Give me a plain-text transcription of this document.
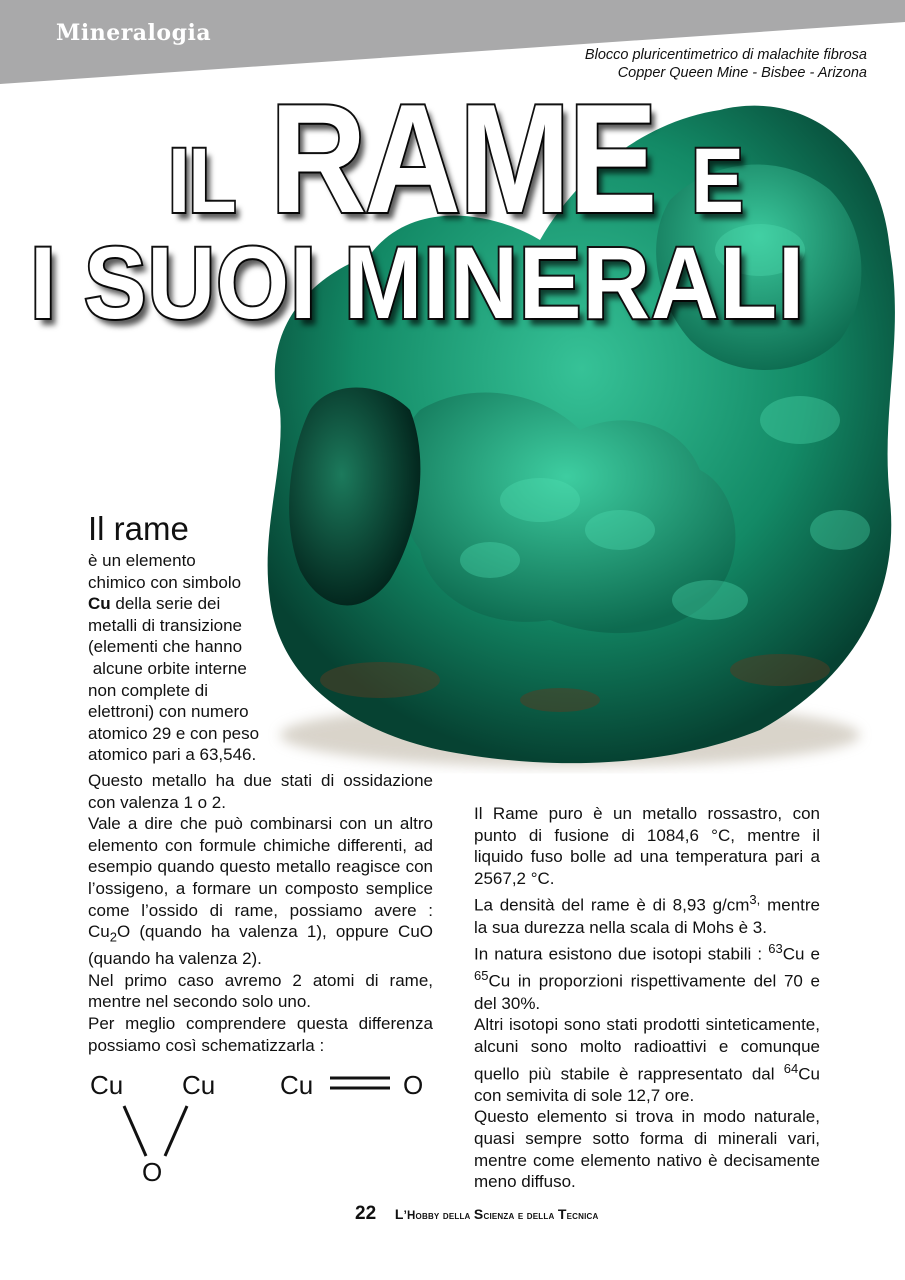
Mineralogia
Blocco pluricentimetrico di malachite fibrosa
Copper Queen Mine - Bisbee - Arizona
IL RAME E
I SUOI MINERALI
Il rame
è un elemento
chimico con simbolo
Cu della serie dei
metalli di transizione
(elementi che hanno
alcune orbite interne
non complete di
elettroni) con numero
atomico 29 e con peso
atomico pari a 63,546.

Questo metallo ha due stati di ossidazione con valenza 1 o 2.

Vale a dire che può combinarsi con un altro elemento con formule chimiche differenti, ad esempio quando questo metallo reagisce con l’ossigeno, a formare un composto semplice come l’ossido di rame, possiamo avere : $Cu_2O$ (quando ha valenza 1), oppure CuO (quando ha valenza 2).

Nel primo caso avremo 2 atomi di rame, mentre nel secondo solo uno.

Per meglio comprendere questa differenza possiamo così schematizzarla :

Il Rame puro è un metallo rossastro, con punto di fusione di 1084,6 °C, mentre il liquido fuso bolle ad una temperatura pari a 2567,2 °C.

La densità del rame è di 8,93 $g/cm^{3,}$ mentre la sua durezza nella scala di Mohs è 3.

In natura esistono due isotopi stabili : $^{63}$Cu e $^{65}$Cu in proporzioni rispettivamente del 70 e del 30%.

Altri isotopi sono stati prodotti sinteticamente, alcuni sono molto radioattivi e comunque quello più stabile è rappresentato dal $^{64}$Cu con semivita di sole 12,7 ore.

Questo elemento si trova in modo naturale, quasi sempre sotto forma di minerali vari, mentre come elemento nativo è decisamente meno diffuso.

Cu Cu
O
Cu	O
22 L’Hobby della Scienza e della Tecnica
